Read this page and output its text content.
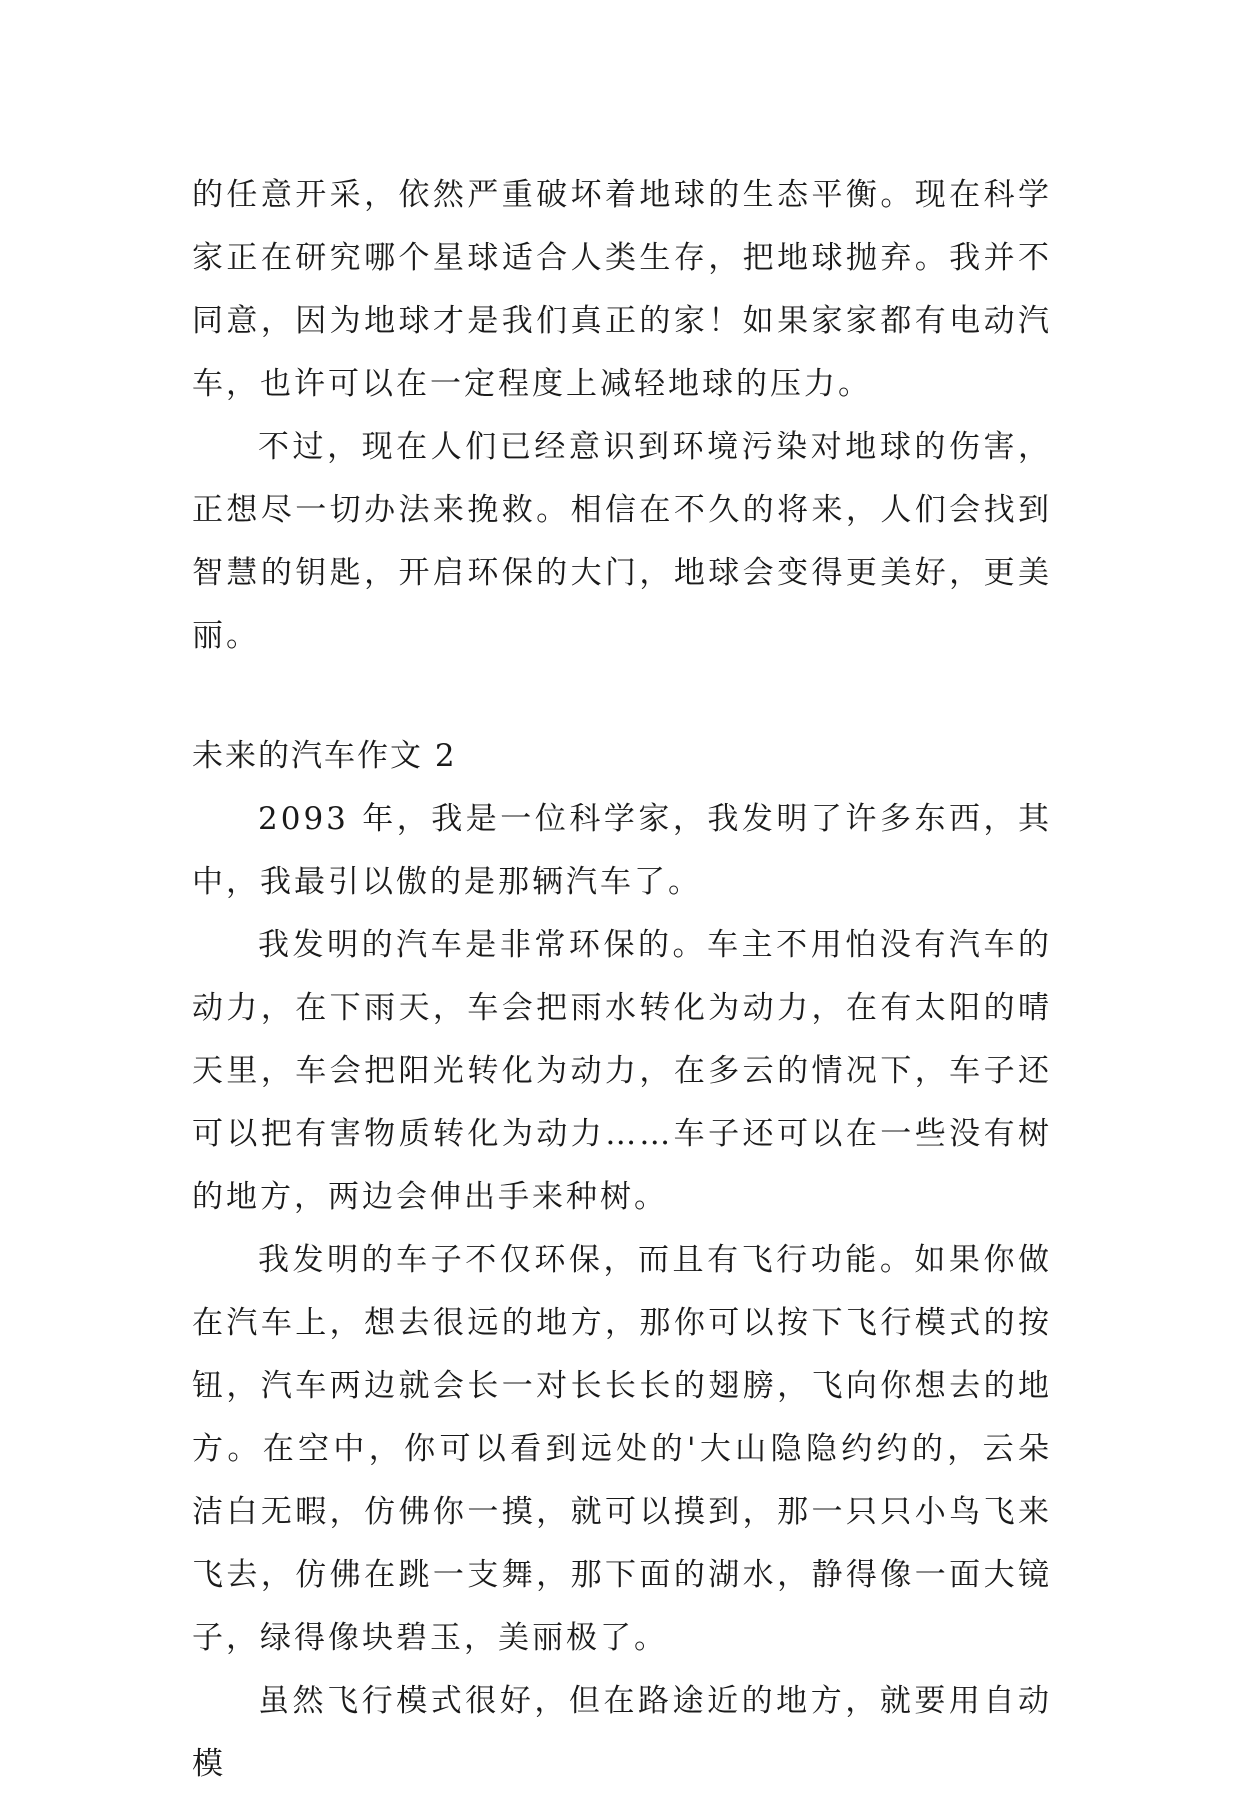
的任意开采，依然严重破坏着地球的生态平衡。现在科学家正在研究哪个星球适合人类生存，把地球抛弃。我并不同意，因为地球才是我们真正的家！如果家家都有电动汽车，也许可以在一定程度上减轻地球的压力。

不过，现在人们已经意识到环境污染对地球的伤害，正想尽一切办法来挽救。相信在不久的将来，人们会找到智慧的钥匙，开启环保的大门，地球会变得更美好，更美丽。

未来的汽车作文 2

2093 年，我是一位科学家，我发明了许多东西，其中，我最引以傲的是那辆汽车了。

我发明的汽车是非常环保的。车主不用怕没有汽车的动力，在下雨天，车会把雨水转化为动力，在有太阳的晴天里，车会把阳光转化为动力，在多云的情况下，车子还可以把有害物质转化为动力……车子还可以在一些没有树的地方，两边会伸出手来种树。

我发明的车子不仅环保，而且有飞行功能。如果你做在汽车上，想去很远的地方，那你可以按下飞行模式的按钮，汽车两边就会长一对长长长的翅膀，飞向你想去的地方。在空中，你可以看到远处的'大山隐隐约约的，云朵洁白无暇，仿佛你一摸，就可以摸到，那一只只小鸟飞来飞去，仿佛在跳一支舞，那下面的湖水，静得像一面大镜子，绿得像块碧玉，美丽极了。

虽然飞行模式很好，但在路途近的地方，就要用自动模
